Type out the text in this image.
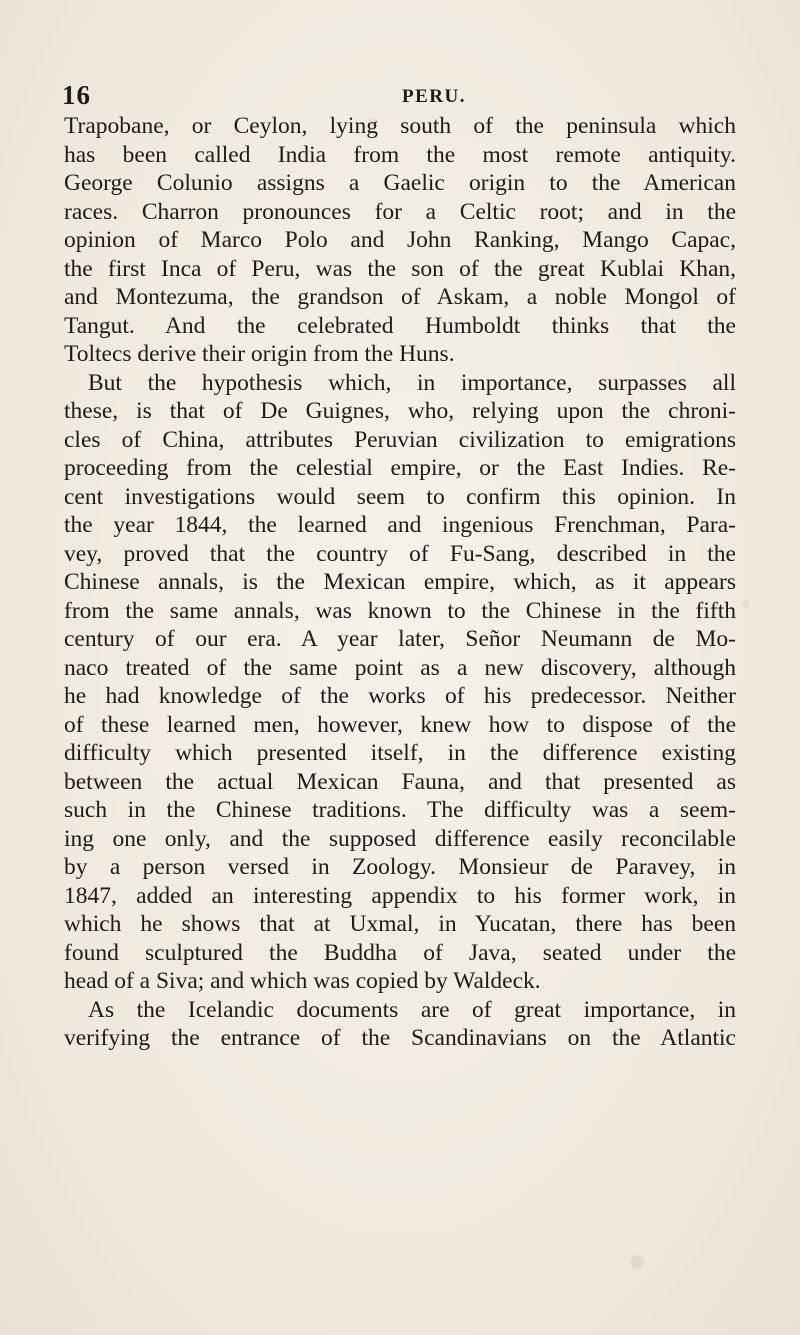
16	PERU.
Trapobane, or Ceylon, lying south of the peninsula which
has been called India from the most remote antiquity.
George Colunio assigns a Gaelic origin to the American
races. Charron pronounces for a Celtic root; and in the
opinion of Marco Polo and John Ranking, Mango Capac,
the first Inca of Peru, was the son of the great Kublai Khan,
and Montezuma, the grandson of Askam, a noble Mongol of
Tangut. And the celebrated Humboldt thinks that the
Toltecs derive their origin from the Huns.
But the hypothesis which, in importance, surpasses all
these, is that of De Guignes, who, relying upon the chroni-
cles of China, attributes Peruvian civilization to emigrations
proceeding from the celestial empire, or the East Indies. Re-
cent investigations would seem to confirm this opinion. In
the year 1844, the learned and ingenious Frenchman, Para-
vey, proved that the country of Fu-Sang, described in the
Chinese annals, is the Mexican empire, which, as it appears
from the same annals, was known to the Chinese in the fifth
century of our era. A year later, Señor Neumann de Mo-
naco treated of the same point as a new discovery, although
he had knowledge of the works of his predecessor. Neither
of these learned men, however, knew how to dispose of the
difficulty which presented itself, in the difference existing
between the actual Mexican Fauna, and that presented as
such in the Chinese traditions. The difficulty was a seem-
ing one only, and the supposed difference easily reconcilable
by a person versed in Zoology. Monsieur de Paravey, in
1847, added an interesting appendix to his former work, in
which he shows that at Uxmal, in Yucatan, there has been
found sculptured the Buddha of Java, seated under the
head of a Siva; and which was copied by Waldeck.
As the Icelandic documents are of great importance, in
verifying the entrance of the Scandinavians on the Atlantic
